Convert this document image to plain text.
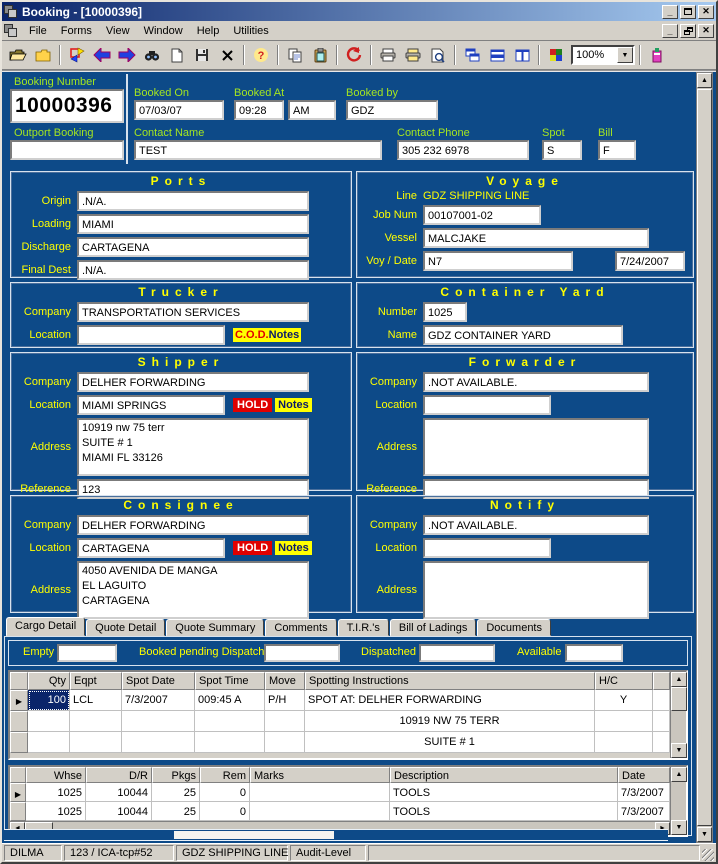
Booking - [10000396]	_	✕
File	Forms	View	Window	Help	Utilities	_	✕
?	100%	▼
Booking Number
10000396
Booked On
07/03/07
Booked At
09:28	AM
Booked by
GDZ
Outport Booking	Contact Name
TEST
Contact Phone
305 232 6978
Spot
S
Bill
F
Ports
Origin	.N/A.
Loading	MIAMI
Discharge	CARTAGENA
Final Dest	.N/A.
Voyage
Line GDZ SHIPPING LINE
Job Num	00107001-02
Vessel	MALCJAKE
Voy / Date	N7	7/24/2007
Trucker
Company	TRANSPORTATION SERVICES
Location	C.O.D.Notes
Container Yard
Number	1025
Name	GDZ CONTAINER YARD
Shipper
Company	DELHER FORWARDING
Location	MIAMI SPRINGS	HOLD Notes
Address
10919 nw 75 terr
SUITE # 1
MIAMI FL 33126
Reference	123
Forwarder
Company	.NOT AVAILABLE.
Location
Address
Reference
Consignee
Company	DELHER FORWARDING
Location	CARTAGENA	HOLD Notes
Address
4050 AVENIDA DE MANGA
EL LAGUITO
CARTAGENA
Notify
Company	.NOT AVAILABLE.
Location
Address
Cargo Detail	Quote Detail	Quote Summary	Comments	T.I.R.'s	Bill of Ladings	Documents
Empty	Booked pending Dispatch	Dispatched	Available
Qty Eqpt	Spot Date	Spot Time	Move	Spotting Instructions	H/C
▶	100 LCL	7/3/2007	009:45 A	P/H	SPOT AT: DELHER FORWARDING	Y
10919 NW 75 TERR
SUITE # 1
▲
▼
Whse	D/R	Pkgs	Rem Marks	Description	Date
▶	1025	10044	25	0	TOOLS	7/3/2007
1025	10044	25	0	TOOLS	7/3/2007
▲
▼
▲
▼
DILMA	123 / ICA-tcp#52	GDZ SHIPPING LINE Audit-Level
